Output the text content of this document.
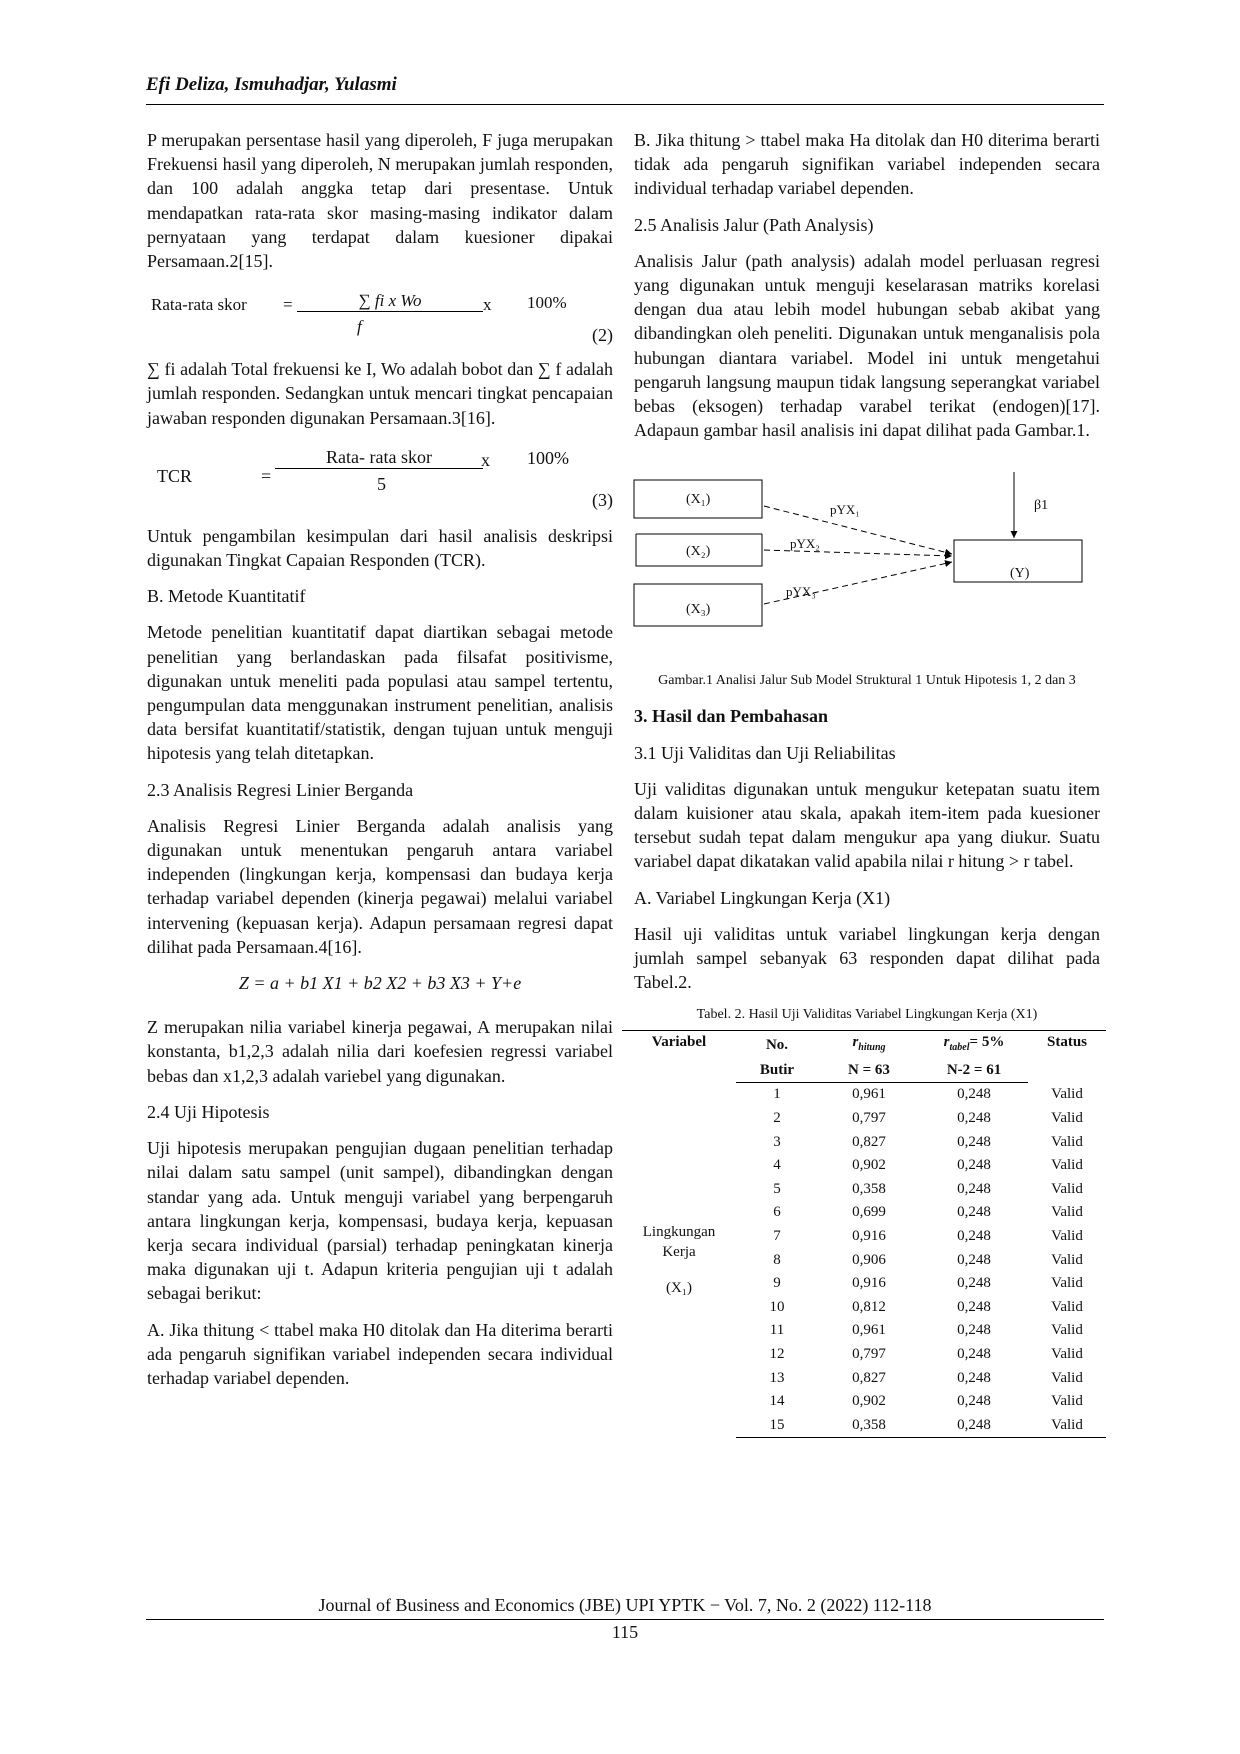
Efi Deliza, Ismuhadjar, Yulasmi

P merupakan persentase hasil yang diperoleh, F juga merupakan Frekuensi hasil yang diperoleh, N merupakan jumlah responden, dan 100 adalah anggka tetap dari presentase. Untuk mendapatkan rata-rata skor masing-masing indikator dalam pernyataan yang terdapat dalam kuesioner dipakai Persamaan.2[15].

Rata-rata skor =	∑ fi x Wo
f
x 100%
(2)

∑ fi adalah Total frekuensi ke I, Wo adalah bobot dan ∑ f adalah jumlah responden. Sedangkan untuk mencari tingkat pencapaian jawaban responden digunakan Persamaan.3[16].

TCR	=
Rata- rata skor
5
x 100%
(3)

Untuk pengambilan kesimpulan dari hasil analisis deskripsi digunakan Tingkat Capaian Responden (TCR).

B. Metode Kuantitatif

Metode penelitian kuantitatif dapat diartikan sebagai metode penelitian yang berlandaskan pada filsafat positivisme, digunakan untuk meneliti pada populasi atau sampel tertentu, pengumpulan data menggunakan instrument penelitian, analisis data bersifat kuantitatif/statistik, dengan tujuan untuk menguji hipotesis yang telah ditetapkan.

2.3 Analisis Regresi Linier Berganda

Analisis Regresi Linier Berganda adalah analisis yang digunakan untuk menentukan pengaruh antara variabel independen (lingkungan kerja, kompensasi dan budaya kerja terhadap variabel dependen (kinerja pegawai) melalui variabel intervening (kepuasan kerja). Adapun persamaan regresi dapat dilihat pada Persamaan.4[16].

Z = a + b1 X1 + b2 X2 + b3 X3 + Y+e

Z merupakan nilia variabel kinerja pegawai, A merupakan nilai konstanta, b1,2,3 adalah nilia dari koefesien regressi variabel bebas dan x1,2,3 adalah variebel yang digunakan.

2.4 Uji Hipotesis

Uji hipotesis merupakan pengujian dugaan penelitian terhadap nilai dalam satu sampel (unit sampel), dibandingkan dengan standar yang ada. Untuk menguji variabel yang berpengaruh antara lingkungan kerja, kompensasi, budaya kerja, kepuasan kerja secara individual (parsial) terhadap peningkatan kinerja maka digunakan uji t. Adapun kriteria pengujian uji t adalah sebagai berikut:

A. Jika thitung < ttabel maka H0 ditolak dan Ha diterima berarti ada pengaruh signifikan variabel independen secara individual terhadap variabel dependen.

B. Jika thitung > ttabel maka Ha ditolak dan H0 diterima berarti tidak ada pengaruh signifikan variabel independen secara individual terhadap variabel dependen.

2.5 Analisis Jalur (Path Analysis)

Analisis Jalur (path analysis) adalah model perluasan regresi yang digunakan untuk menguji keselarasan matriks korelasi dengan dua atau lebih model hubungan sebab akibat yang dibandingkan oleh peneliti. Digunakan untuk menganalisis pola hubungan diantara variabel. Model ini untuk mengetahui pengaruh langsung maupun tidak langsung seperangkat variabel bebas (eksogen) terhadap varabel terikat (endogen)[17]. Adapaun gambar hasil analisis ini dapat dilihat pada Gambar.1.

(X₁)
(X₂)
(X₃)
(Y)
pYX₁
pYX₂
pYX₃
β1
Gambar.1 Analisi Jalur Sub Model Struktural 1 Untuk Hipotesis 1, 2 dan 3
3. Hasil dan Pembahasan
3.1 Uji Validitas dan Uji Reliabilitas

Uji validitas digunakan untuk mengukur ketepatan suatu item dalam kuisioner atau skala, apakah item-item pada kuesioner tersebut sudah tepat dalam mengukur apa yang diukur. Suatu variabel dapat dikatakan valid apabila nilai r hitung > r tabel.

A. Variabel Lingkungan Kerja (X1)

Hasil uji validitas untuk variabel lingkungan kerja dengan jumlah sampel sebanyak 63 responden dapat dilihat pada Tabel.2.

Tabel. 2. Hasil Uji Validitas Variabel Lingkungan Kerja (X1)
Variabel	No.	$r_{hitung}$	$r_{tabel}= 5\%$	Status
	Butir	N = 63	N-2 = 61	

Lingkungan Kerja
(X₁)	1	0,961	0,248	Valid
	2	0,797	0,248	Valid
	3	0,827	0,248	Valid
	4	0,902	0,248	Valid
	5	0,358	0,248	Valid
	6	0,699	0,248	Valid
	7	0,916	0,248	Valid
	8	0,906	0,248	Valid
	9	0,916	0,248	Valid
	10	0,812	0,248	Valid
	11	0,961	0,248	Valid
	12	0,797	0,248	Valid
	13	0,827	0,248	Valid
	14	0,902	0,248	Valid
	15	0,358	0,248	Valid
Journal of Business and Economics (JBE) UPI YPTK − Vol. 7, No. 2 (2022) 112-118
115
